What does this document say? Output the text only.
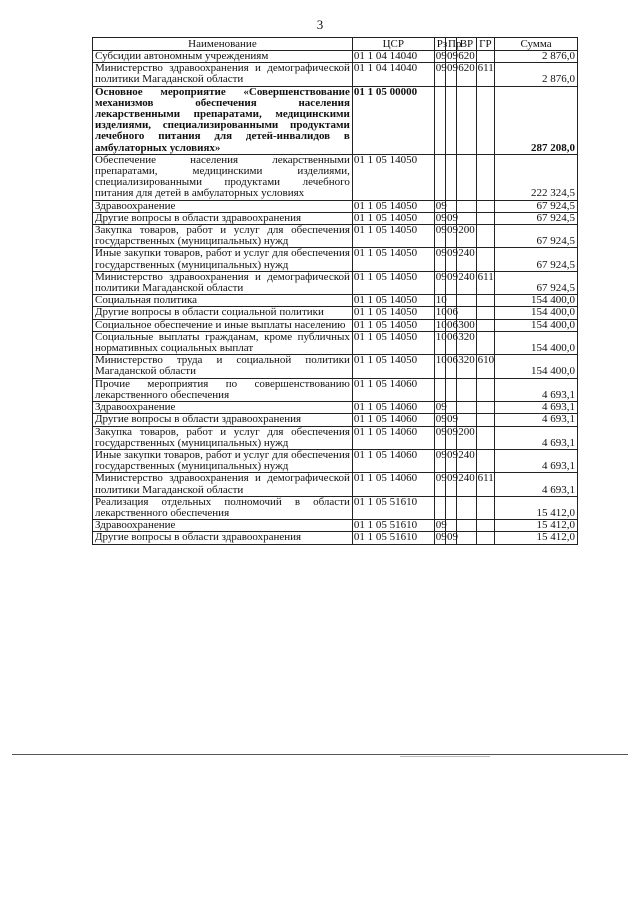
3
Наименование	ЦСР	Рз	Пр	ВР	ГР	Сумма
Субсидии автономным учреждениям	01 1 04 14040	09	09	620		2 876,0
Министерство здравоохранения и демографической политики Магаданской области	01 1 04 14040	09	09	620	611	2 876,0
Основное мероприятие «Совершенствование механизмов обеспечения населения лекарственными препаратами, медицинскими изделиями, специализированными продуктами лечебного питания для детей-инвалидов в амбулаторных условиях»	01 1 05 00000					287 208,0
Обеспечение населения лекарственными препаратами, медицинскими изделиями, специализированными продуктами лечебного питания для детей в амбулаторных условиях	01 1 05 14050					222 324,5
Здравоохранение	01 1 05 14050	09				67 924,5
Другие вопросы в области здравоохранения	01 1 05 14050	09	09			67 924,5
Закупка товаров, работ и услуг для обеспечения государственных (муниципальных) нужд	01 1 05 14050	09	09	200		67 924,5
Иные закупки товаров, работ и услуг для обеспечения государственных (муниципальных) нужд	01 1 05 14050	09	09	240		67 924,5
Министерство здравоохранения и демографической политики Магаданской области	01 1 05 14050	09	09	240	611	67 924,5
Социальная политика	01 1 05 14050	10				154 400,0
Другие вопросы в области социальной политики	01 1 05 14050	10	06			154 400,0
Социальное обеспечение и иные выплаты населению	01 1 05 14050	10	06	300		154 400,0
Социальные выплаты гражданам, кроме публичных нормативных социальных выплат	01 1 05 14050	10	06	320		154 400,0
Министерство труда и социальной политики Магаданской области	01 1 05 14050	10	06	320	610	154 400,0
Прочие мероприятия по совершенствованию лекарственного обеспечения	01 1 05 14060					4 693,1
Здравоохранение	01 1 05 14060	09				4 693,1
Другие вопросы в области здравоохранения	01 1 05 14060	09	09			4 693,1
Закупка товаров, работ и услуг для обеспечения государственных (муниципальных) нужд	01 1 05 14060	09	09	200		4 693,1
Иные закупки товаров, работ и услуг для обеспечения государственных (муниципальных) нужд	01 1 05 14060	09	09	240		4 693,1
Министерство здравоохранения и демографической политики Магаданской области	01 1 05 14060	09	09	240	611	4 693,1
Реализация отдельных полномочий в области лекарственного обеспечения	01 1 05 51610					15 412,0
Здравоохранение	01 1 05 51610	09				15 412,0
Другие вопросы в области здравоохранения	01 1 05 51610	09	09			15 412,0
